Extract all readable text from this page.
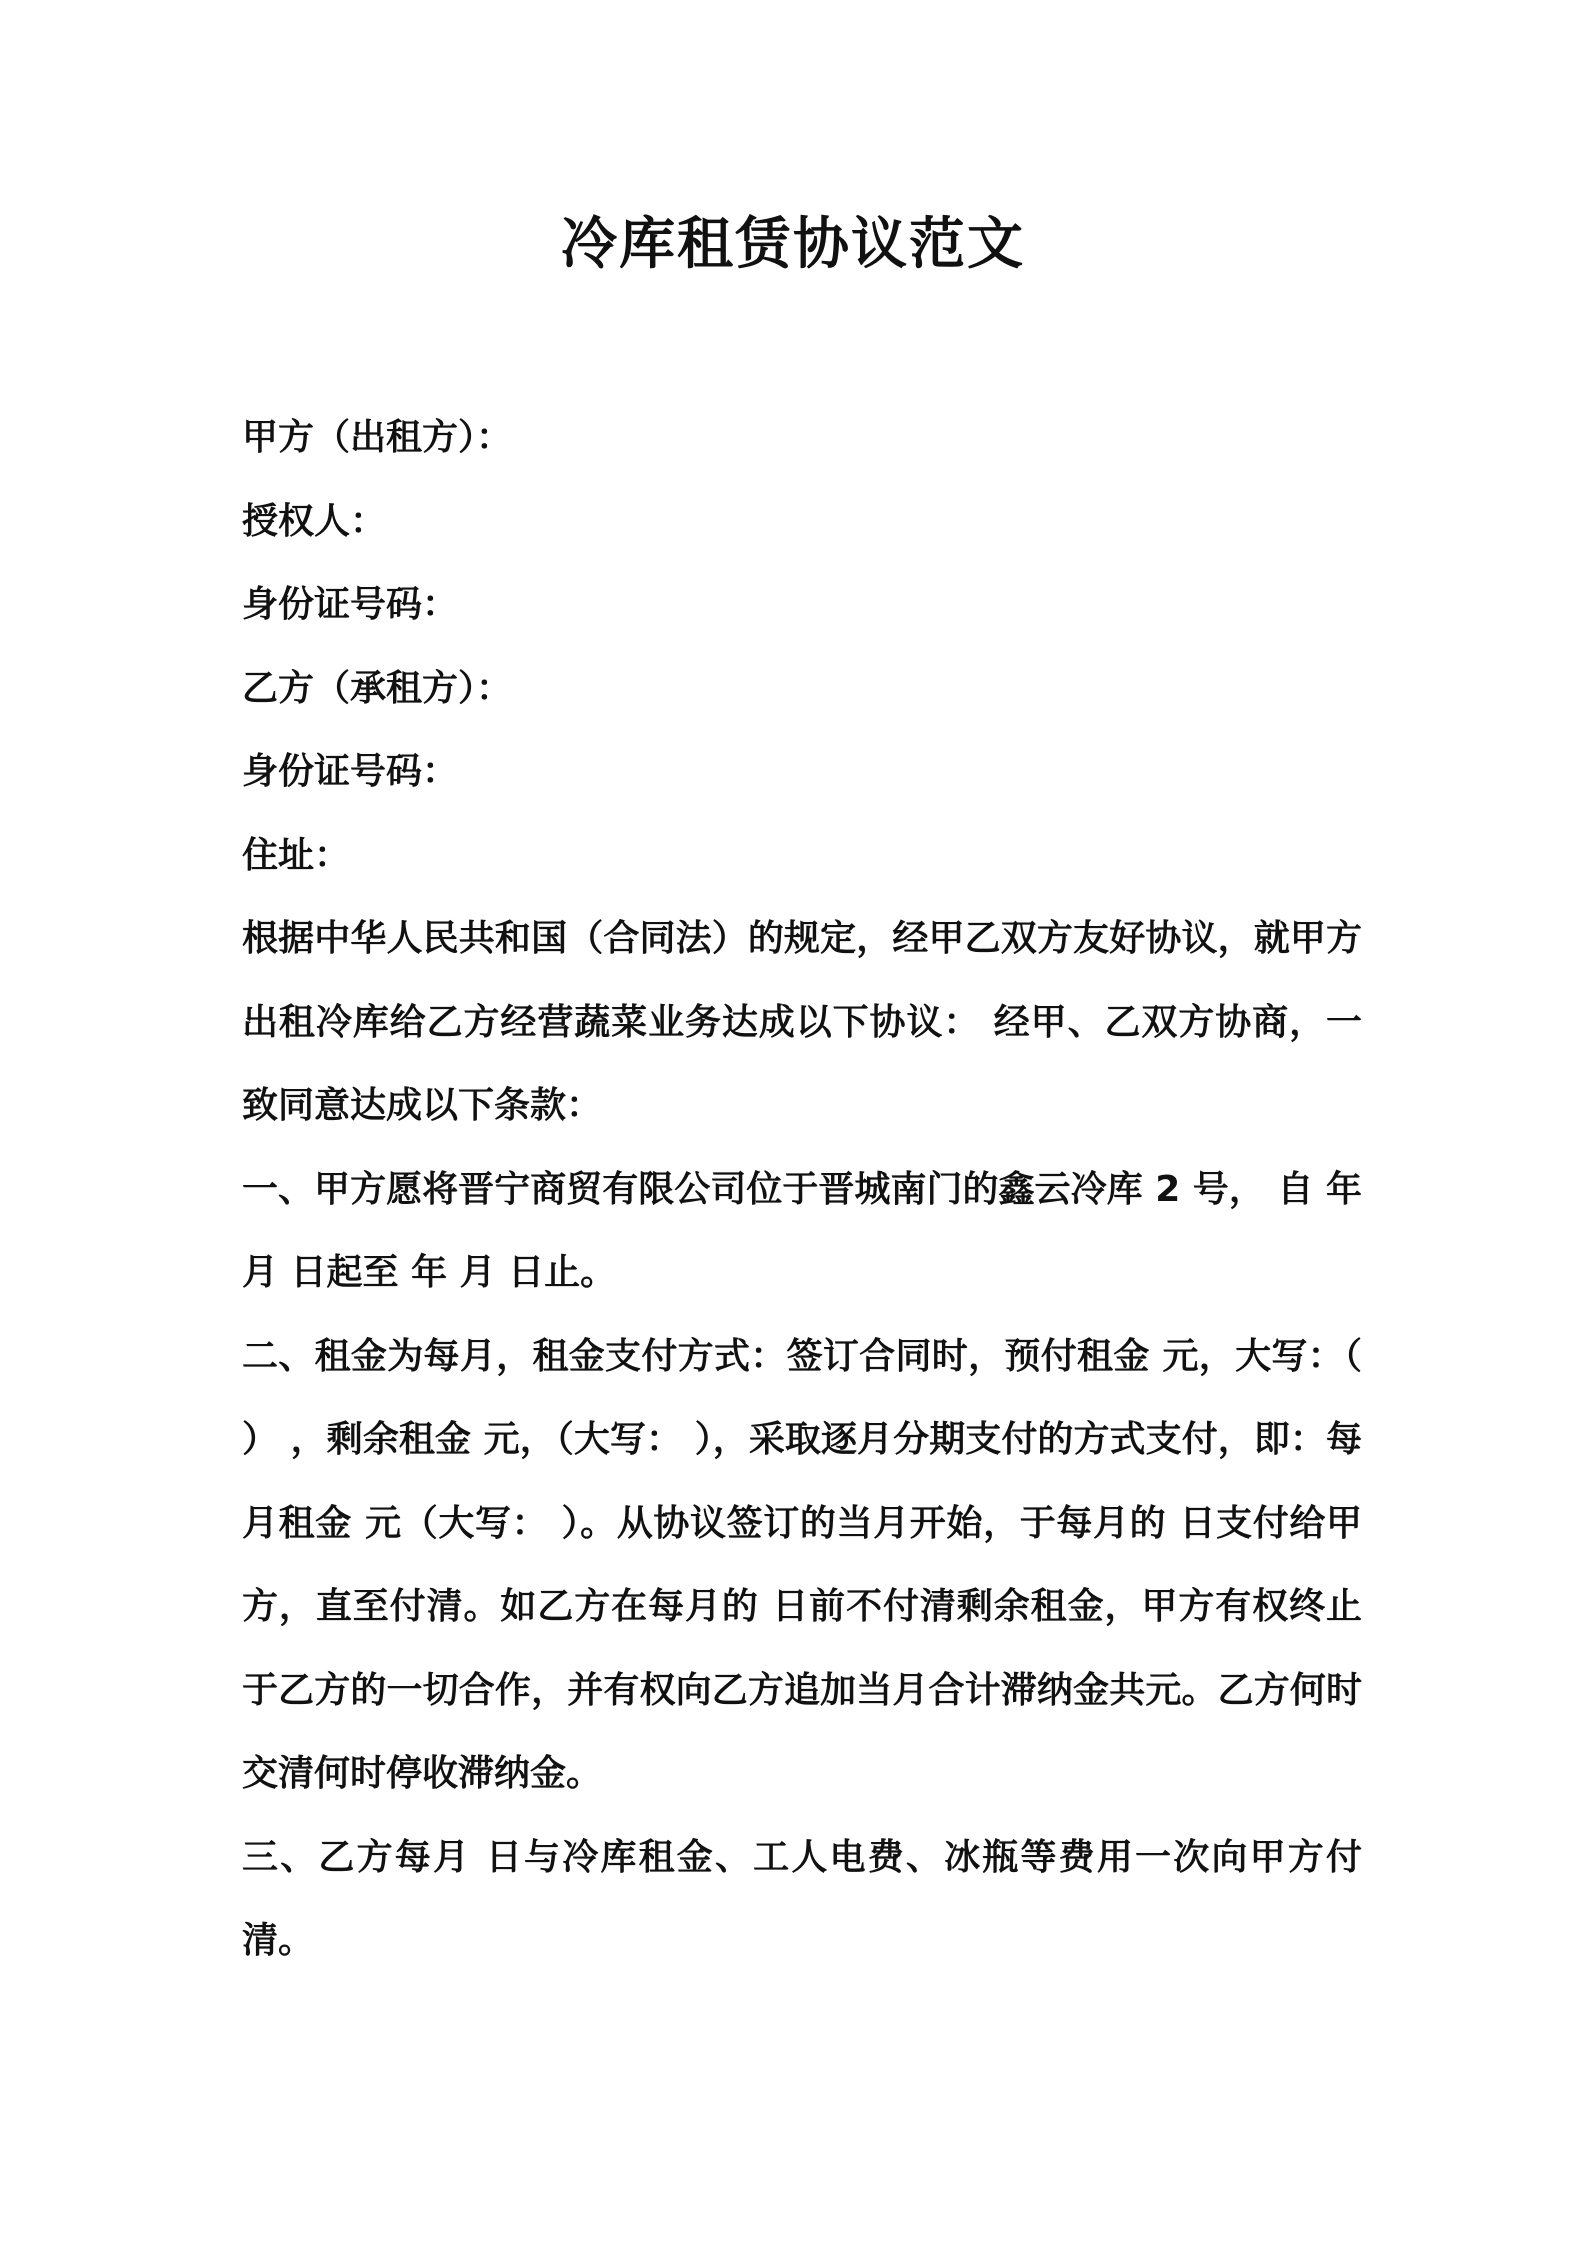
冷库租赁协议范文
甲方（出租方）：
授权人：
身份证号码：
乙方（承租方）：
身份证号码：
住址：
根据中华人民共和国（合同法）的规定，经甲乙双方友好协议，就甲方出租冷库给乙方经营蔬菜业务达成以下协议： 经甲、乙双方协商，一致同意达成以下条款：
一、甲方愿将晋宁商贸有限公司位于晋城南门的鑫云冷库 2 号， 自 年 月 日起至 年 月 日止。
二、租金为每月，租金支付方式：签订合同时，预付租金 元，大写：（ ） ，剩余租金 元，（大写： ），采取逐月分期支付的方式支付，即：每月租金 元（大写： ）。从协议签订的当月开始，于每月的 日支付给甲方，直至付清。如乙方在每月的 日前不付清剩余租金，甲方有权终止于乙方的一切合作，并有权向乙方追加当月合计滞纳金共元。乙方何时交清何时停收滞纳金。
三、乙方每月 日与冷库租金、工人电费、冰瓶等费用一次向甲方付清。
